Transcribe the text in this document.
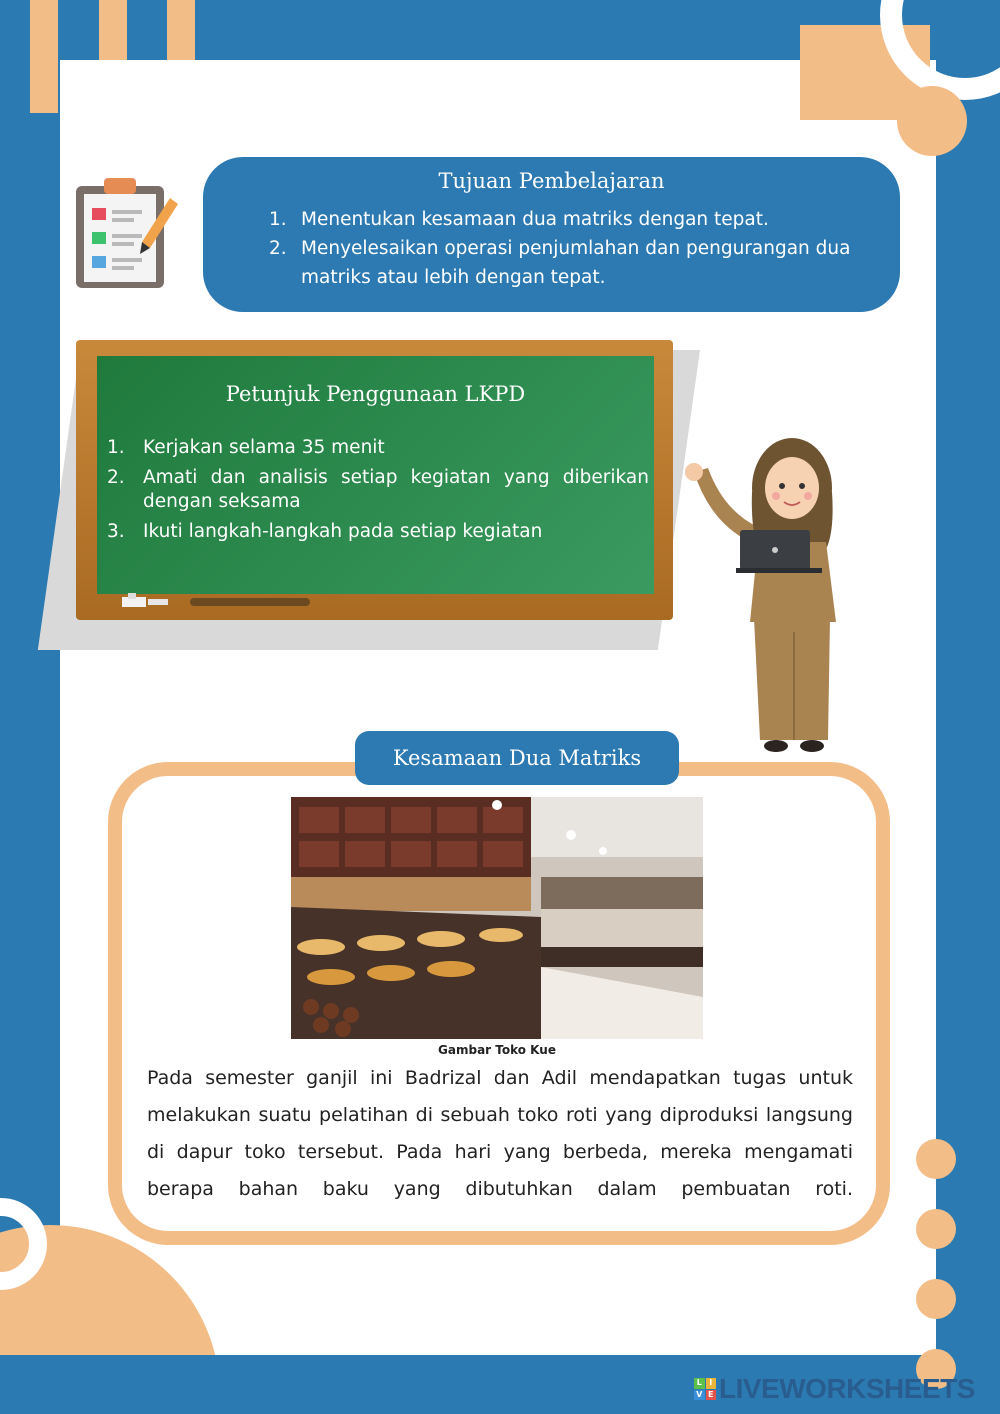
Tujuan Pembelajaran
1. Menentukan kesamaan dua matriks dengan tepat.
2. Menyelesaikan operasi penjumlahan dan pengurangan dua matriks atau lebih dengan tepat.
Petunjuk Penggunaan LKPD
1. Kerjakan selama 35 menit
2. Amati dan analisis setiap kegiatan yang diberikan dengan seksama
3. Ikuti langkah-langkah pada setiap kegiatan
Kesamaan Dua Matriks
Gambar Toko Kue

Pada semester ganjil ini Badrizal dan Adil mendapatkan tugas untuk melakukan suatu pelatihan di sebuah toko roti yang diproduksi langsung di dapur toko tersebut. Pada hari yang berbeda, mereka mengamati berapa bahan baku yang dibutuhkan dalam pembuatan roti.

L I
V E LIVEWORKSHEETS
